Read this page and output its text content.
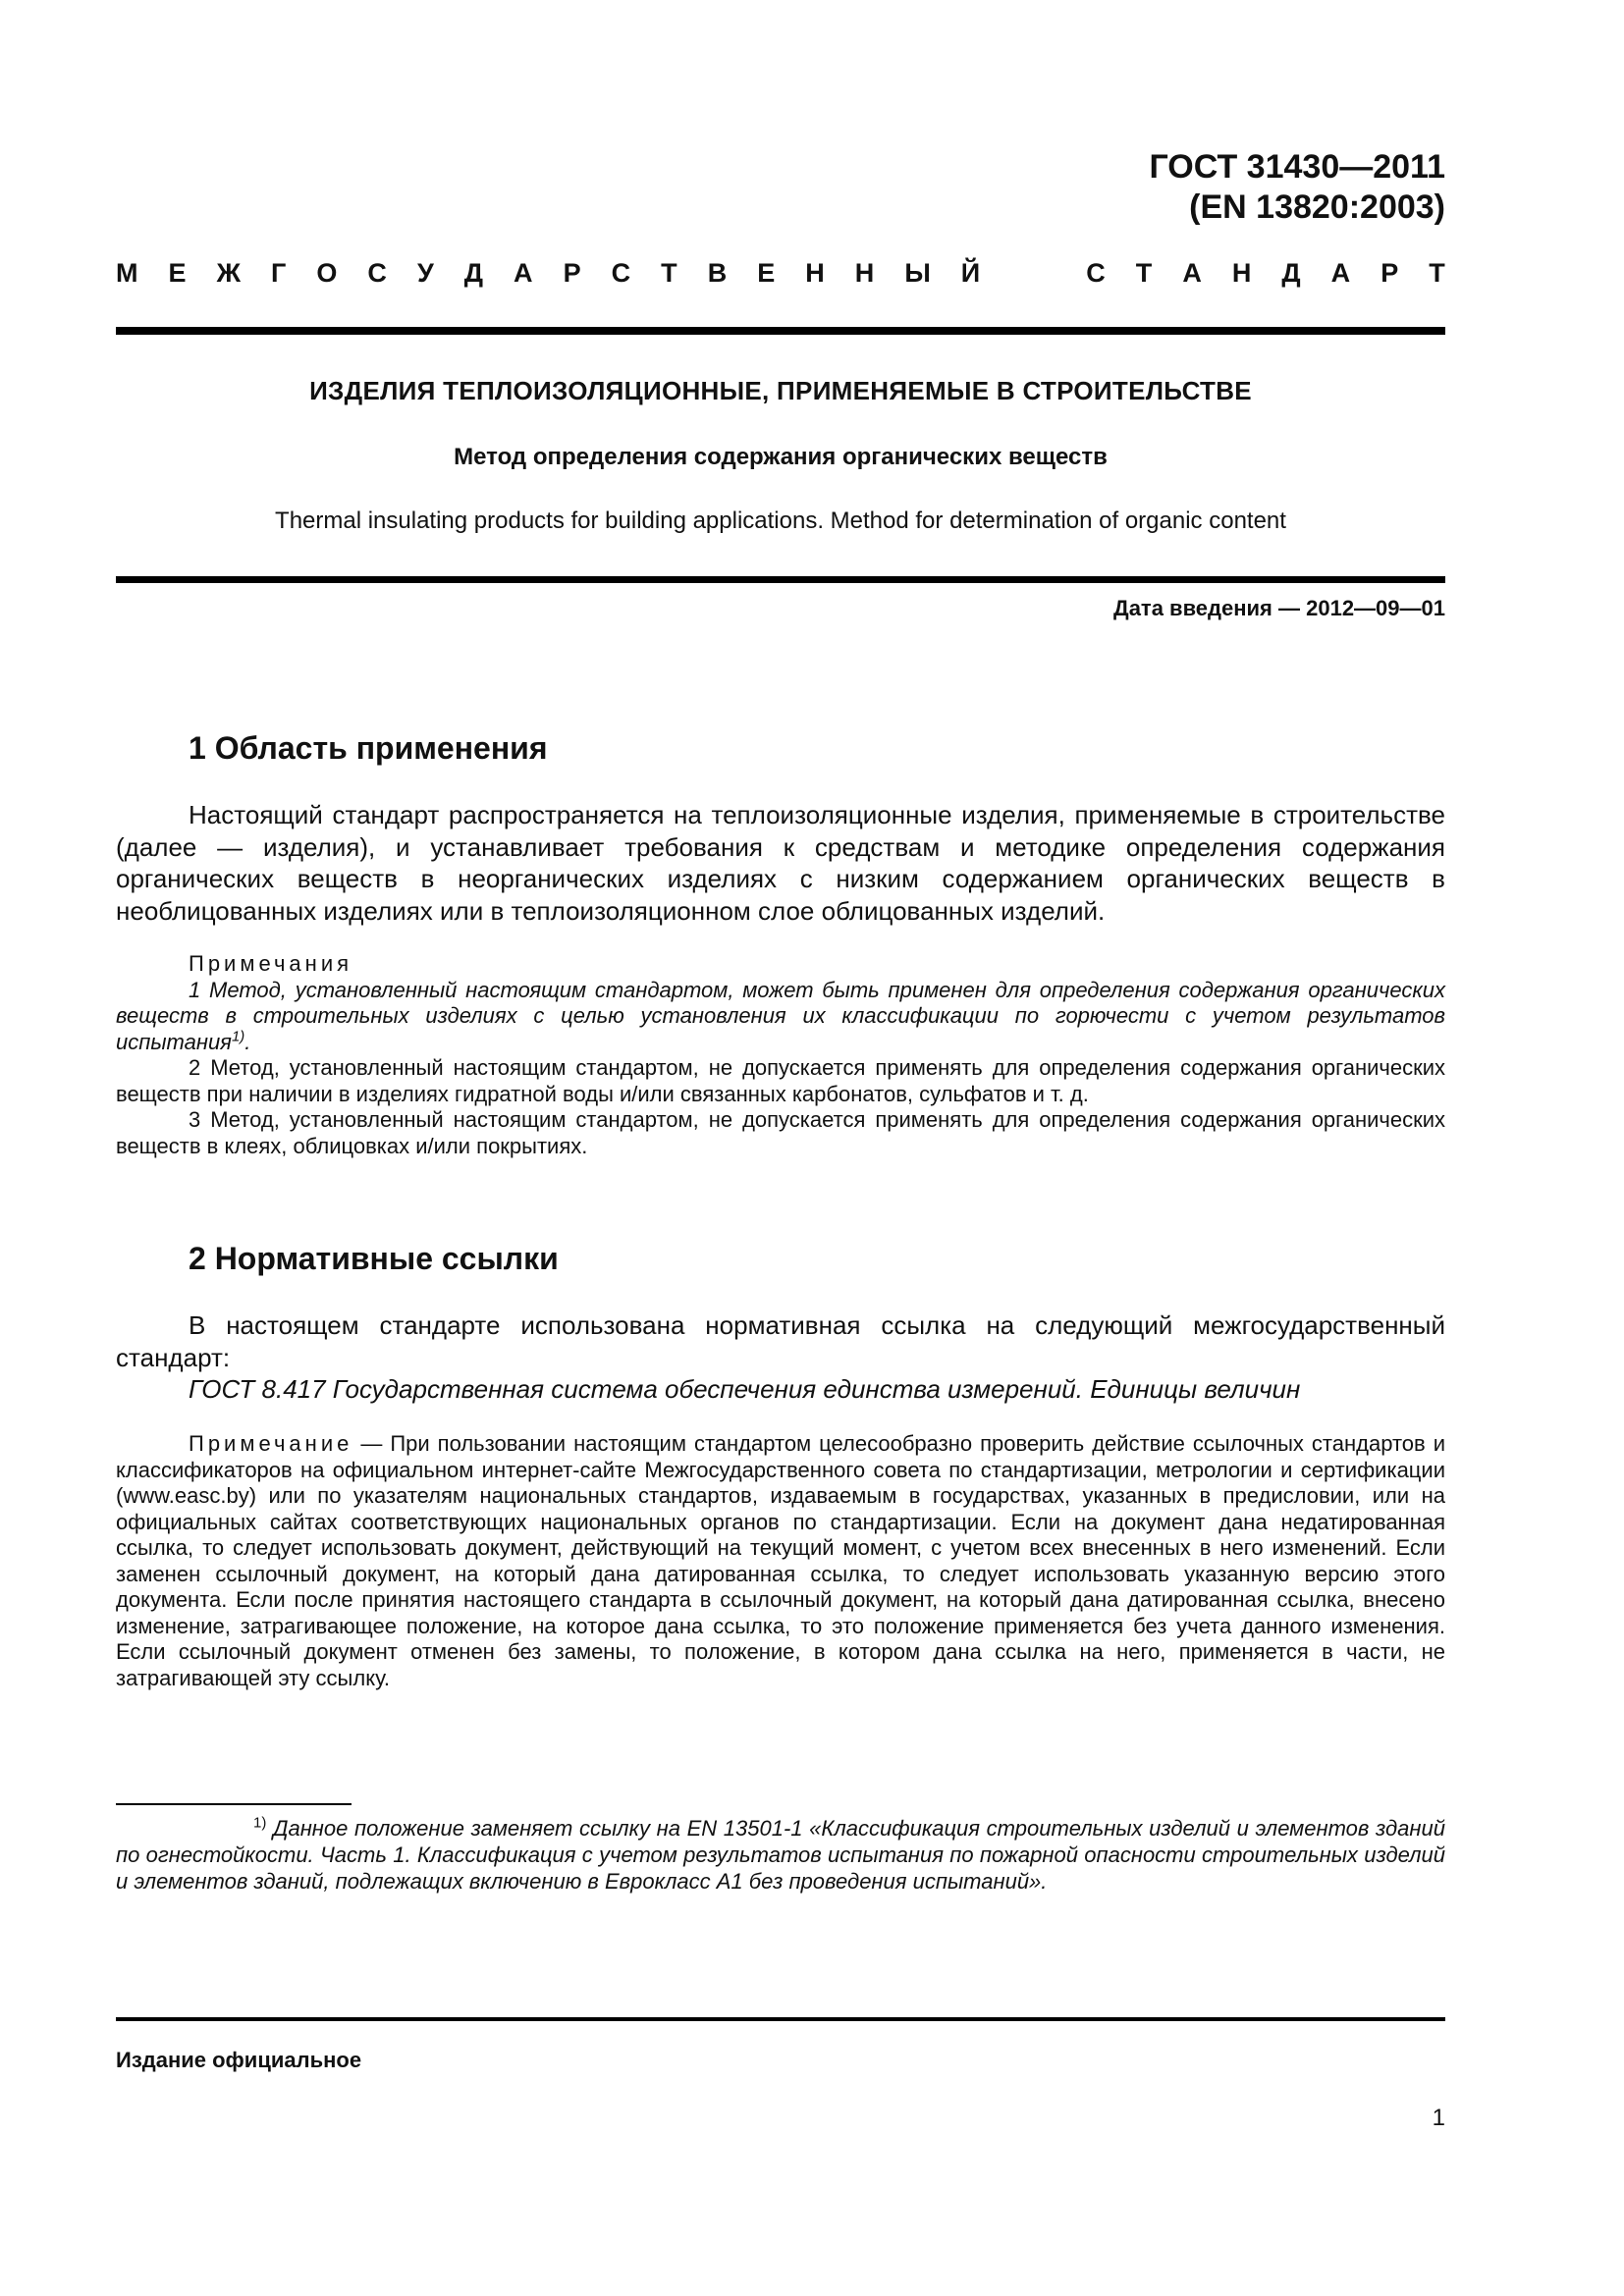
ГОСТ 31430—2011
(EN 13820:2003)
М Е Ж Г О С У Д А Р С Т В Е Н Н Ы Й	С Т А Н Д А Р Т
ИЗДЕЛИЯ ТЕПЛОИЗОЛЯЦИОННЫЕ, ПРИМЕНЯЕМЫЕ В СТРОИТЕЛЬСТВЕ
Метод определения содержания органических веществ
Thermal insulating products for building applications. Method for determination of organic content
Дата введения — 2012—09—01
1 Область применения

Настоящий стандарт распространяется на теплоизоляционные изделия, применяемые в строительстве (далее — изделия), и устанавливает требования к средствам и методике определения содержания органических веществ в неорганических изделиях с низким содержанием органических веществ в необлицованных изделиях или в теплоизоляционном слое облицованных изделий.

Примечания

1 Метод, установленный настоящим стандартом, может быть применен для определения содержания органических веществ в строительных изделиях с целью установления их классификации по горючести с учетом результатов испытания$^{1)}$.

2 Метод, установленный настоящим стандартом, не допускается применять для определения содержания органических веществ при наличии в изделиях гидратной воды и/или связанных карбонатов, сульфатов и т. д.

3 Метод, установленный настоящим стандартом, не допускается применять для определения содержания органических веществ в клеях, облицовках и/или покрытиях.

2 Нормативные ссылки

В настоящем стандарте использована нормативная ссылка на следующий межгосударственный стандарт:

ГОСТ 8.417 Государственная система обеспечения единства измерений. Единицы величин

Примечание — При пользовании настоящим стандартом целесообразно проверить действие ссылочных стандартов и классификаторов на официальном интернет-сайте Межгосударственного совета по стандартизации, метрологии и сертификации (www.easc.by) или по указателям национальных стандартов, издаваемым в государствах, указанных в предисловии, или на официальных сайтах соответствующих национальных органов по стандартизации. Если на документ дана недатированная ссылка, то следует использовать документ, действующий на текущий момент, с учетом всех внесенных в него изменений. Если заменен ссылочный документ, на который дана датированная ссылка, то следует использовать указанную версию этого документа. Если после принятия настоящего стандарта в ссылочный документ, на который дана датированная ссылка, внесено изменение, затрагивающее положение, на которое дана ссылка, то это положение применяется без учета данного изменения. Если ссылочный документ отменен без замены, то положение, в котором дана ссылка на него, применяется в части, не затрагивающей эту ссылку.

$^{1)}$ Данное положение заменяет ссылку на EN 13501-1 «Классификация строительных изделий и элементов зданий по огнестойкости. Часть 1. Классификация с учетом результатов испытания по пожарной опасности строительных изделий и элементов зданий, подлежащих включению в Еврокласс А1 без проведения испытаний».

Издание официальное
1
